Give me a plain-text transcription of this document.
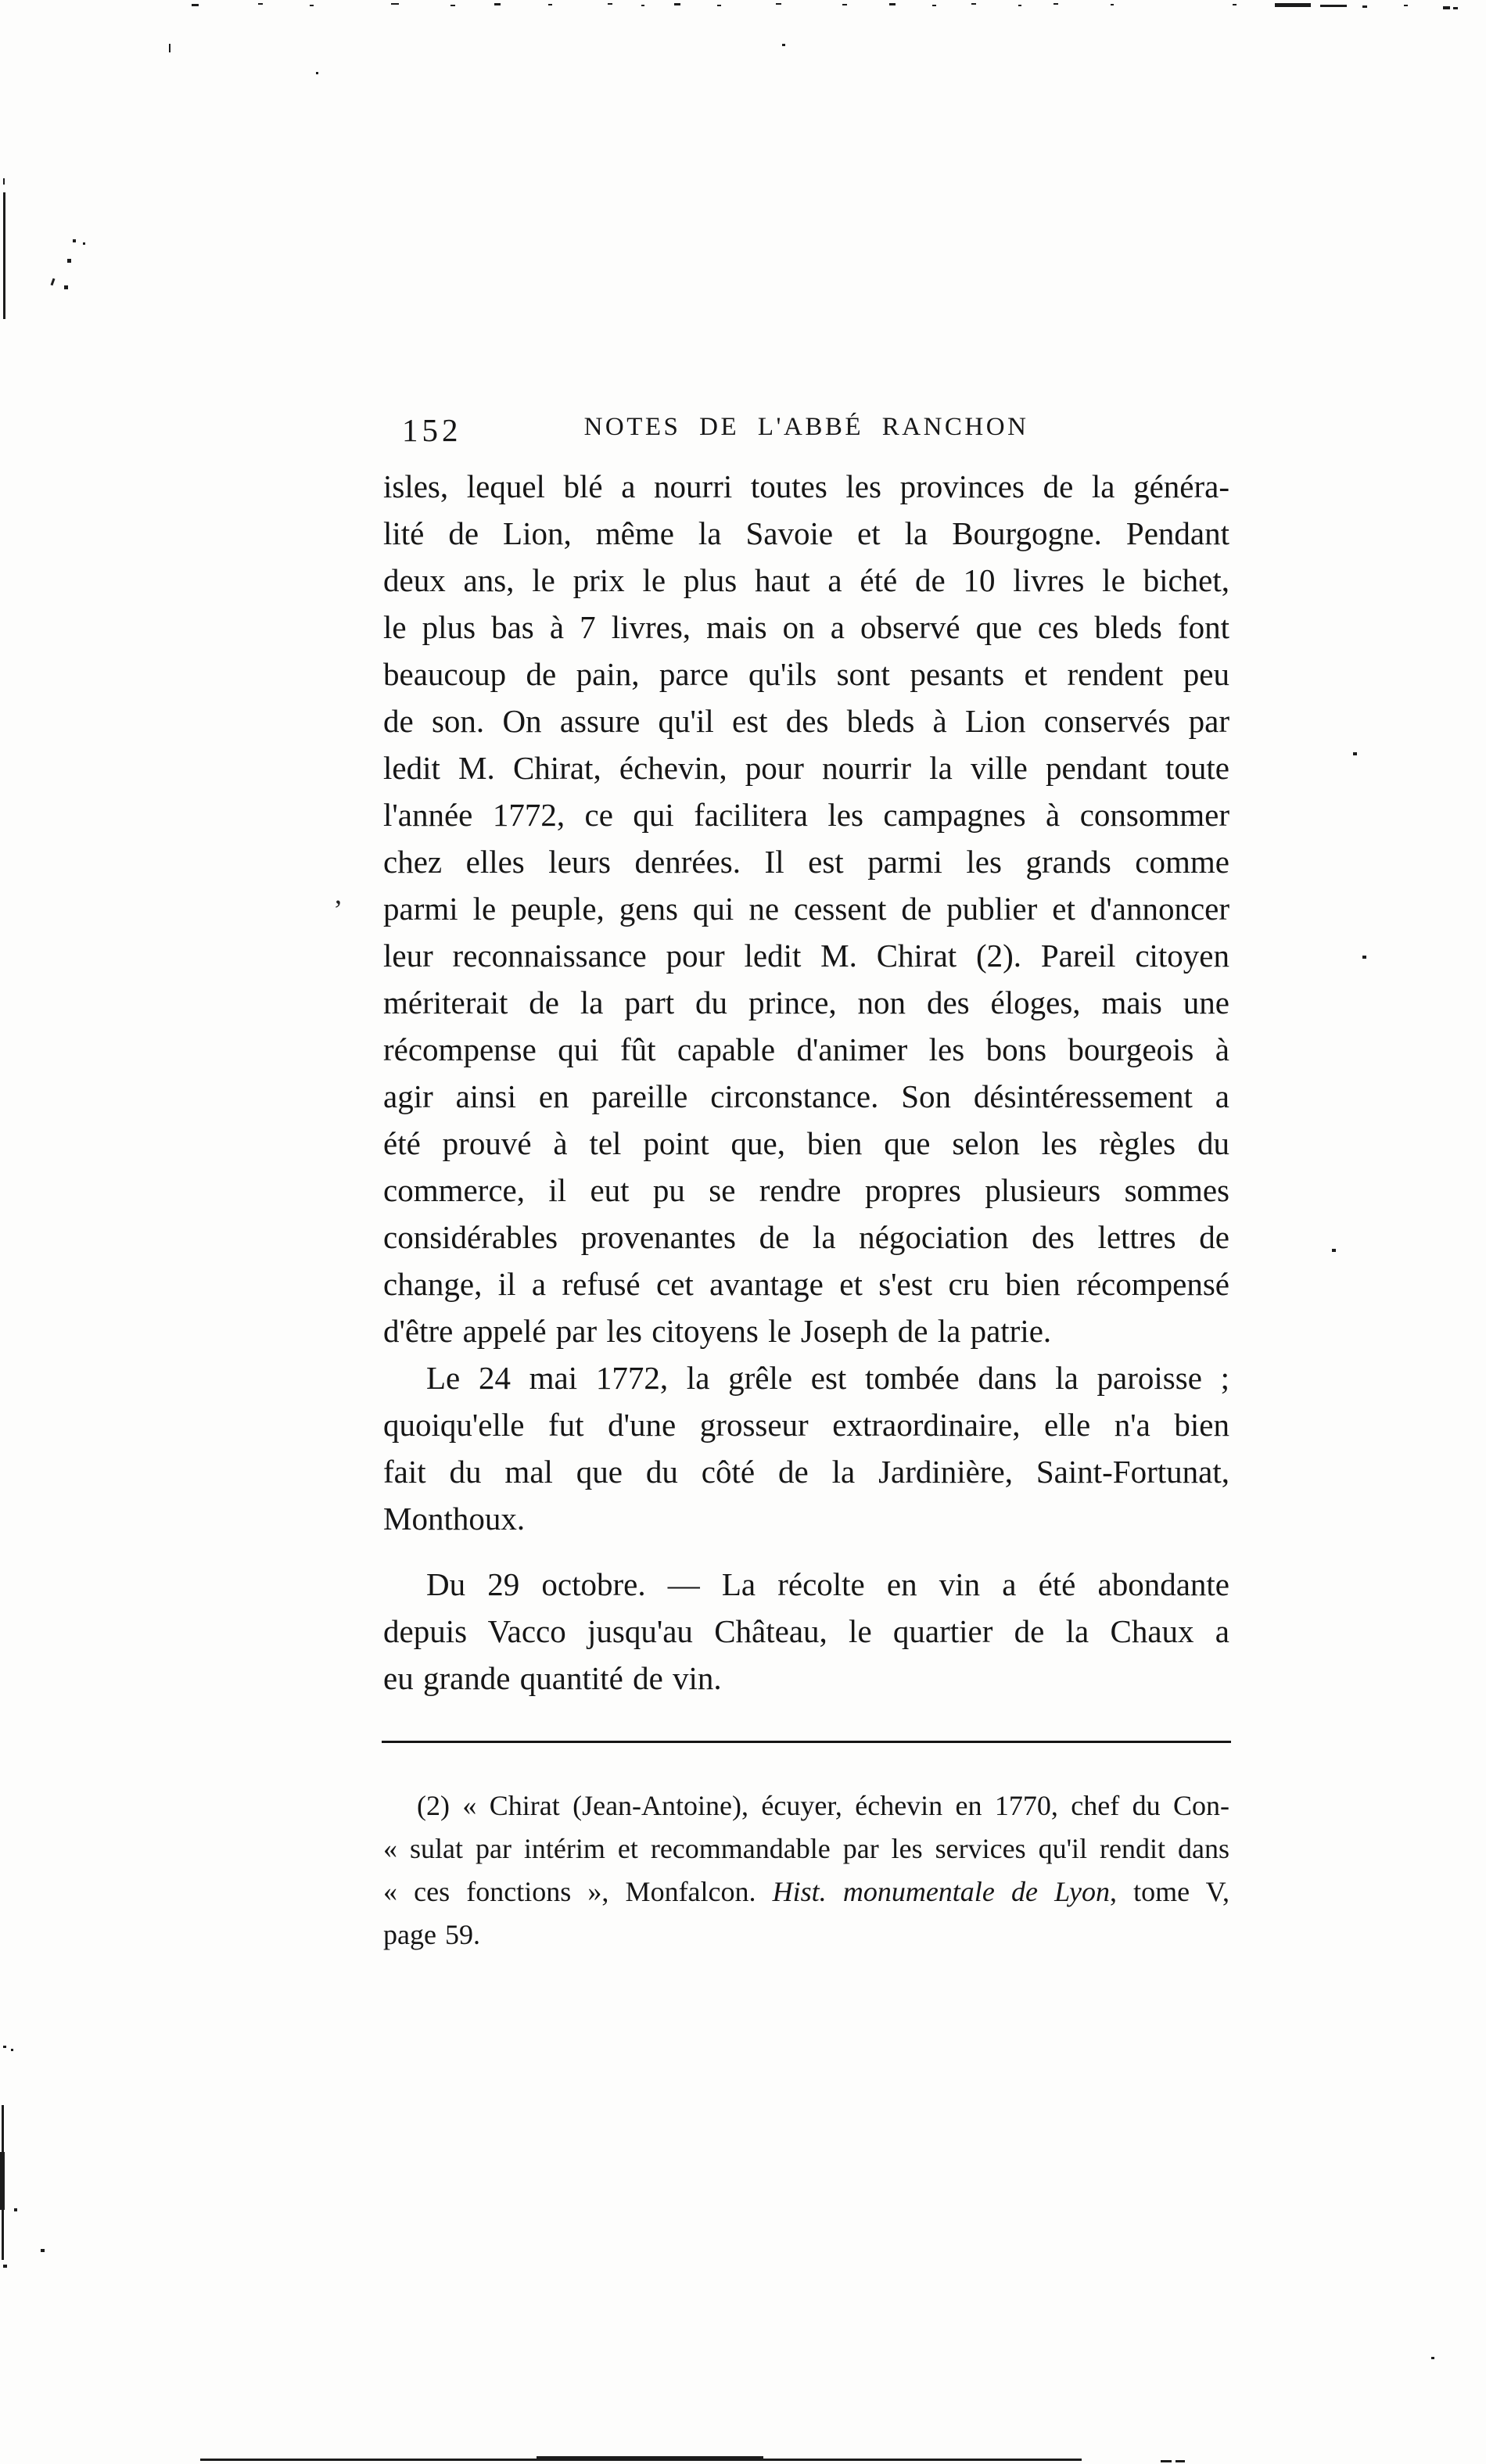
152	NOTES DE L'ABBÉ RANCHON
isles, lequel blé a nourri toutes les provinces de la généra-
lité de Lion, même la Savoie et la Bourgogne. Pendant
deux ans, le prix le plus haut a été de 10 livres le bichet,
le plus bas à 7 livres, mais on a observé que ces bleds font
beaucoup de pain, parce qu'ils sont pesants et rendent peu
de son. On assure qu'il est des bleds à Lion conservés par
ledit M. Chirat, échevin, pour nourrir la ville pendant toute
l'année 1772, ce qui facilitera les campagnes à consommer
chez elles leurs denrées. Il est parmi les grands comme
parmi le peuple, gens qui ne cessent de publier et d'annoncer
leur reconnaissance pour ledit M. Chirat (2). Pareil citoyen
mériterait de la part du prince, non des éloges, mais une
récompense qui fût capable d'animer les bons bourgeois à
agir ainsi en pareille circonstance. Son désintéressement a
été prouvé à tel point que, bien que selon les règles du
commerce, il eut pu se rendre propres plusieurs sommes
considérables provenantes de la négociation des lettres de
change, il a refusé cet avantage et s'est cru bien récompensé
d'être appelé par les citoyens le Joseph de la patrie.
Le 24 mai 1772, la grêle est tombée dans la paroisse ;
quoiqu'elle fut d'une grosseur extraordinaire, elle n'a bien
fait du mal que du côté de la Jardinière, Saint-Fortunat,
Monthoux.
Du 29 octobre. — La récolte en vin a été abondante
depuis Vacco jusqu'au Château, le quartier de la Chaux a
eu grande quantité de vin.
(2) « Chirat (Jean-Antoine), écuyer, échevin en 1770, chef du Con-
« sulat par intérim et recommandable par les services qu'il rendit dans
« ces fonctions », Monfalcon. Hist. monumentale de Lyon, tome V,
page 59.
,
